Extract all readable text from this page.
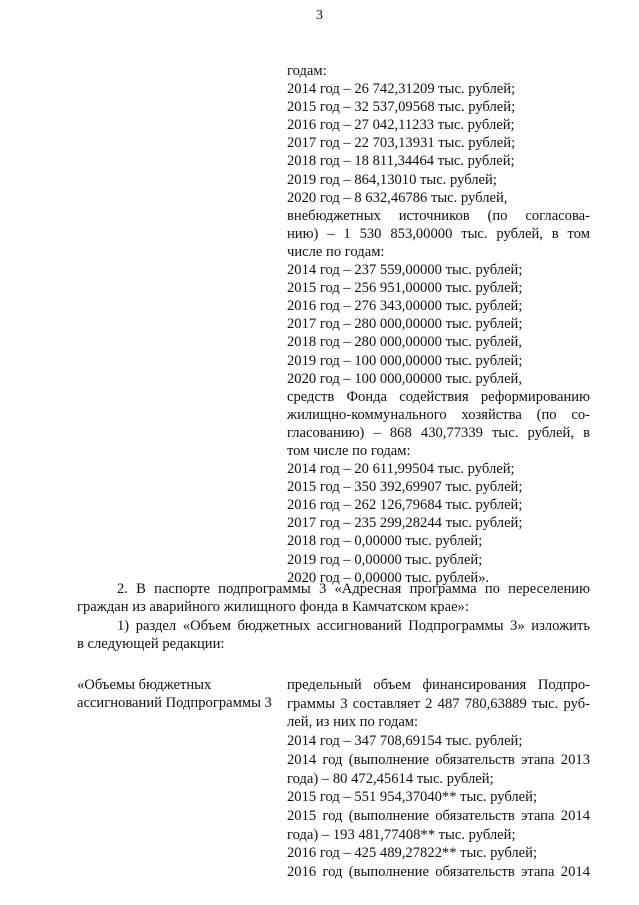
3
годам:
2014 год – 26 742,31209 тыс. рублей;
2015 год – 32 537,09568 тыс. рублей;
2016 год – 27 042,11233 тыс. рублей;
2017 год – 22 703,13931 тыс. рублей;
2018 год – 18 811,34464 тыс. рублей;
2019 год – 864,13010 тыс. рублей;
2020 год – 8 632,46786 тыс. рублей,
внебюджетных источников (по согласова-
нию) – 1 530 853,00000 тыс. рублей, в том
числе по годам:
2014 год – 237 559,00000 тыс. рублей;
2015 год – 256 951,00000 тыс. рублей;
2016 год – 276 343,00000 тыс. рублей;
2017 год – 280 000,00000 тыс. рублей;
2018 год – 280 000,00000 тыс. рублей,
2019 год – 100 000,00000 тыс. рублей;
2020 год – 100 000,00000 тыс. рублей,
средств Фонда содействия реформированию
жилищно-коммунального хозяйства (по со-
гласованию) – 868 430,77339 тыс. рублей, в
том числе по годам:
2014 год – 20 611,99504 тыс. рублей;
2015 год – 350 392,69907 тыс. рублей;
2016 год – 262 126,79684 тыс. рублей;
2017 год – 235 299,28244 тыс. рублей;
2018 год – 0,00000 тыс. рублей;
2019 год – 0,00000 тыс. рублей;
2020 год – 0,00000 тыс. рублей».
2. В паспорте подпрограммы 3 «Адресная программа по переселению
граждан из аварийного жилищного фонда в Камчатском крае»:
1) раздел «Объем бюджетных ассигнований Подпрограммы 3» изложить
в следующей редакции:
«Объемы бюджетных
ассигнований Подпрограммы 3
предельный объем финансирования Подпро-
граммы 3 составляет 2 487 780,63889 тыс. руб-
лей, из них по годам:
2014 год – 347 708,69154 тыс. рублей;
2014 год (выполнение обязательств этапа 2013
года) – 80 472,45614 тыс. рублей;
2015 год – 551 954,37040** тыс. рублей;
2015 год (выполнение обязательств этапа 2014
года) – 193 481,77408** тыс. рублей;
2016 год – 425 489,27822** тыс. рублей;
2016 год (выполнение обязательств этапа 2014
